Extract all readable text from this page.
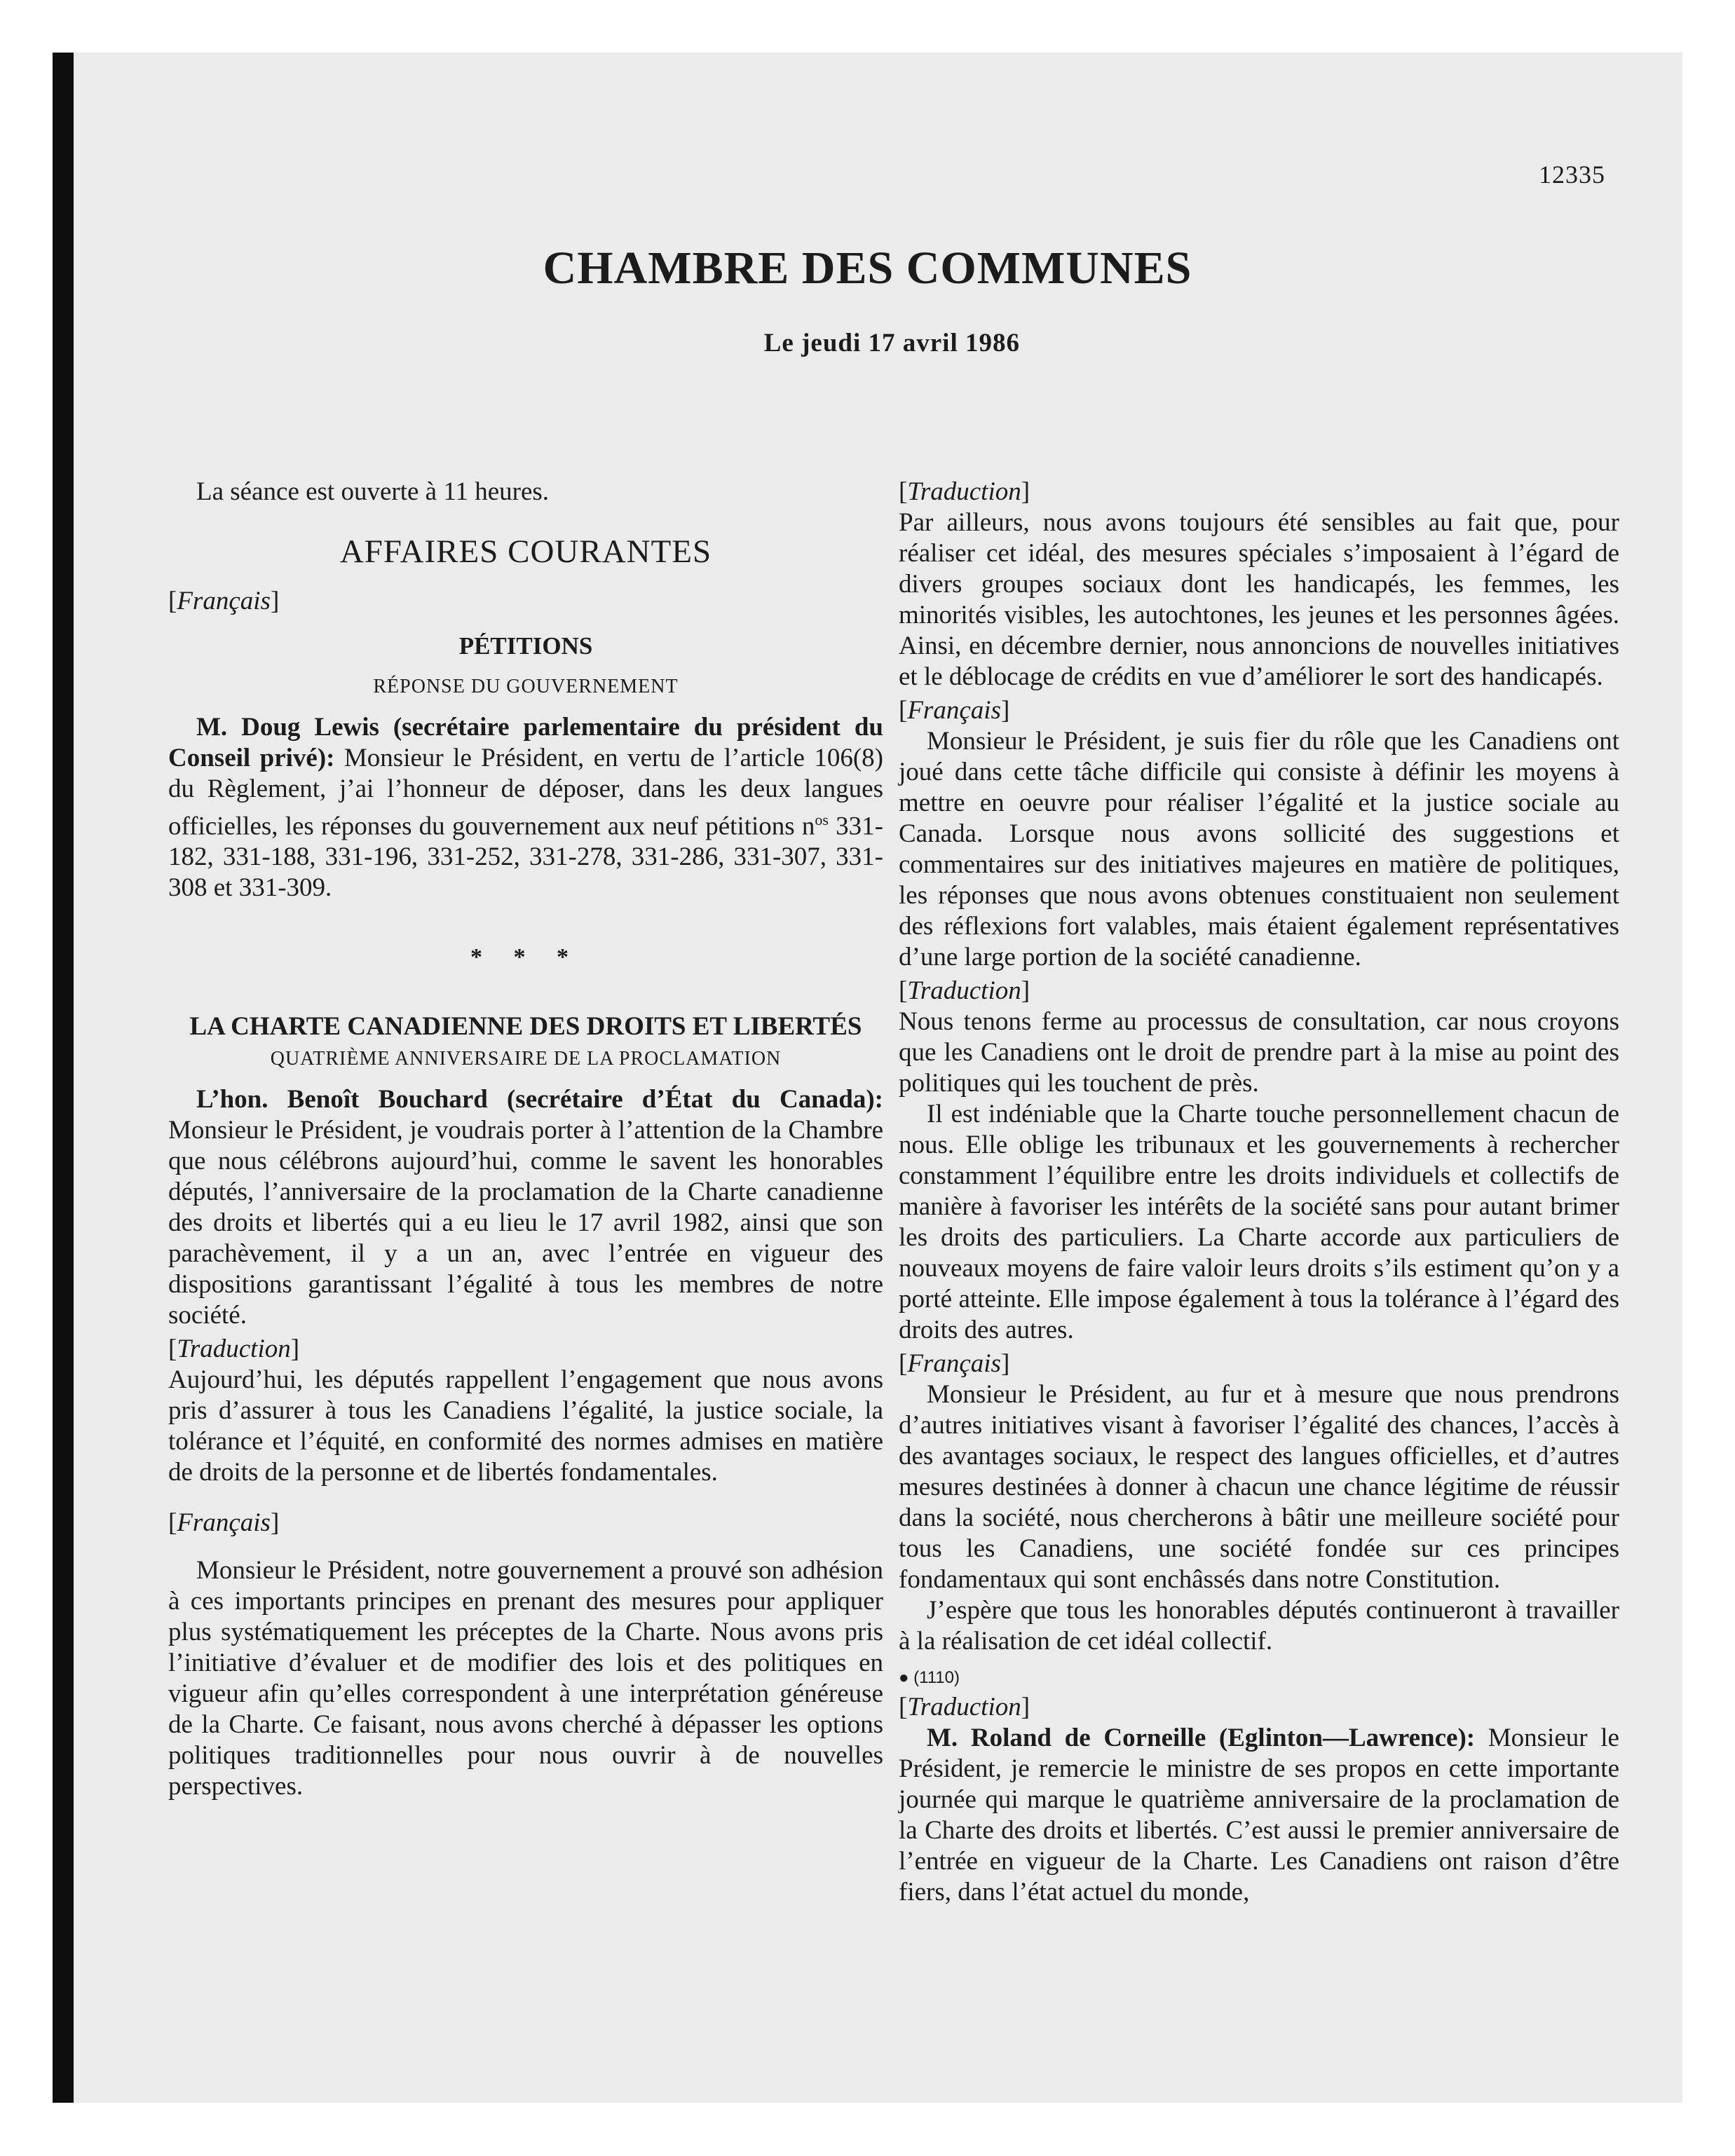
12335
CHAMBRE DES COMMUNES
Le jeudi 17 avril 1986

La séance est ouverte à 11 heures.

AFFAIRES COURANTES

[Français]

PÉTITIONS
RÉPONSE DU GOUVERNEMENT

M. Doug Lewis (secrétaire parlementaire du président du Conseil privé): Monsieur le Président, en vertu de l’article 106(8) du Règlement, j’ai l’honneur de déposer, dans les deux langues officielles, les réponses du gouvernement aux neuf pétitions $n^{os}$ 331-182, 331-188, 331-196, 331-252, 331-278, 331-286, 331-307, 331-308 et 331-309.

* * *
LA CHARTE CANADIENNE DES DROITS ET LIBERTÉS
QUATRIÈME ANNIVERSAIRE DE LA PROCLAMATION

L’hon. Benoît Bouchard (secrétaire d’État du Canada): Monsieur le Président, je voudrais porter à l’attention de la Chambre que nous célébrons aujourd’hui, comme le savent les honorables députés, l’anniversaire de la proclamation de la Charte canadienne des droits et libertés qui a eu lieu le 17 avril 1982, ainsi que son parachèvement, il y a un an, avec l’entrée en vigueur des dispositions garantissant l’égalité à tous les membres de notre société.

[Traduction]

Aujourd’hui, les députés rappellent l’engagement que nous avons pris d’assurer à tous les Canadiens l’égalité, la justice sociale, la tolérance et l’équité, en conformité des normes admises en matière de droits de la personne et de libertés fondamentales.

[Français]

Monsieur le Président, notre gouvernement a prouvé son adhésion à ces importants principes en prenant des mesures pour appliquer plus systématiquement les préceptes de la Charte. Nous avons pris l’initiative d’évaluer et de modifier des lois et des politiques en vigueur afin qu’elles correspondent à une interprétation généreuse de la Charte. Ce faisant, nous avons cherché à dépasser les options politiques traditionnelles pour nous ouvrir à de nouvelles perspectives.

[Traduction]

Par ailleurs, nous avons toujours été sensibles au fait que, pour réaliser cet idéal, des mesures spéciales s’imposaient à l’égard de divers groupes sociaux dont les handicapés, les femmes, les minorités visibles, les autochtones, les jeunes et les personnes âgées. Ainsi, en décembre dernier, nous annoncions de nouvelles initiatives et le déblocage de crédits en vue d’améliorer le sort des handicapés.

[Français]

Monsieur le Président, je suis fier du rôle que les Canadiens ont joué dans cette tâche difficile qui consiste à définir les moyens à mettre en oeuvre pour réaliser l’égalité et la justice sociale au Canada. Lorsque nous avons sollicité des suggestions et commentaires sur des initiatives majeures en matière de politiques, les réponses que nous avons obtenues constituaient non seulement des réflexions fort valables, mais étaient également représentatives d’une large portion de la société canadienne.

[Traduction]

Nous tenons ferme au processus de consultation, car nous croyons que les Canadiens ont le droit de prendre part à la mise au point des politiques qui les touchent de près.

Il est indéniable que la Charte touche personnellement chacun de nous. Elle oblige les tribunaux et les gouvernements à rechercher constamment l’équilibre entre les droits individuels et collectifs de manière à favoriser les intérêts de la société sans pour autant brimer les droits des particuliers. La Charte accorde aux particuliers de nouveaux moyens de faire valoir leurs droits s’ils estiment qu’on y a porté atteinte. Elle impose également à tous la tolérance à l’égard des droits des autres.

[Français]

Monsieur le Président, au fur et à mesure que nous prendrons d’autres initiatives visant à favoriser l’égalité des chances, l’accès à des avantages sociaux, le respect des langues officielles, et d’autres mesures destinées à donner à chacun une chance légitime de réussir dans la société, nous chercherons à bâtir une meilleure société pour tous les Canadiens, une société fondée sur ces principes fondamentaux qui sont enchâssés dans notre Constitution.

J’espère que tous les honorables députés continueront à travailler à la réalisation de cet idéal collectif.

● (1110)

[Traduction]

M. Roland de Corneille (Eglinton—Lawrence): Monsieur le Président, je remercie le ministre de ses propos en cette importante journée qui marque le quatrième anniversaire de la proclamation de la Charte des droits et libertés. C’est aussi le premier anniversaire de l’entrée en vigueur de la Charte. Les Canadiens ont raison d’être fiers, dans l’état actuel du monde,
